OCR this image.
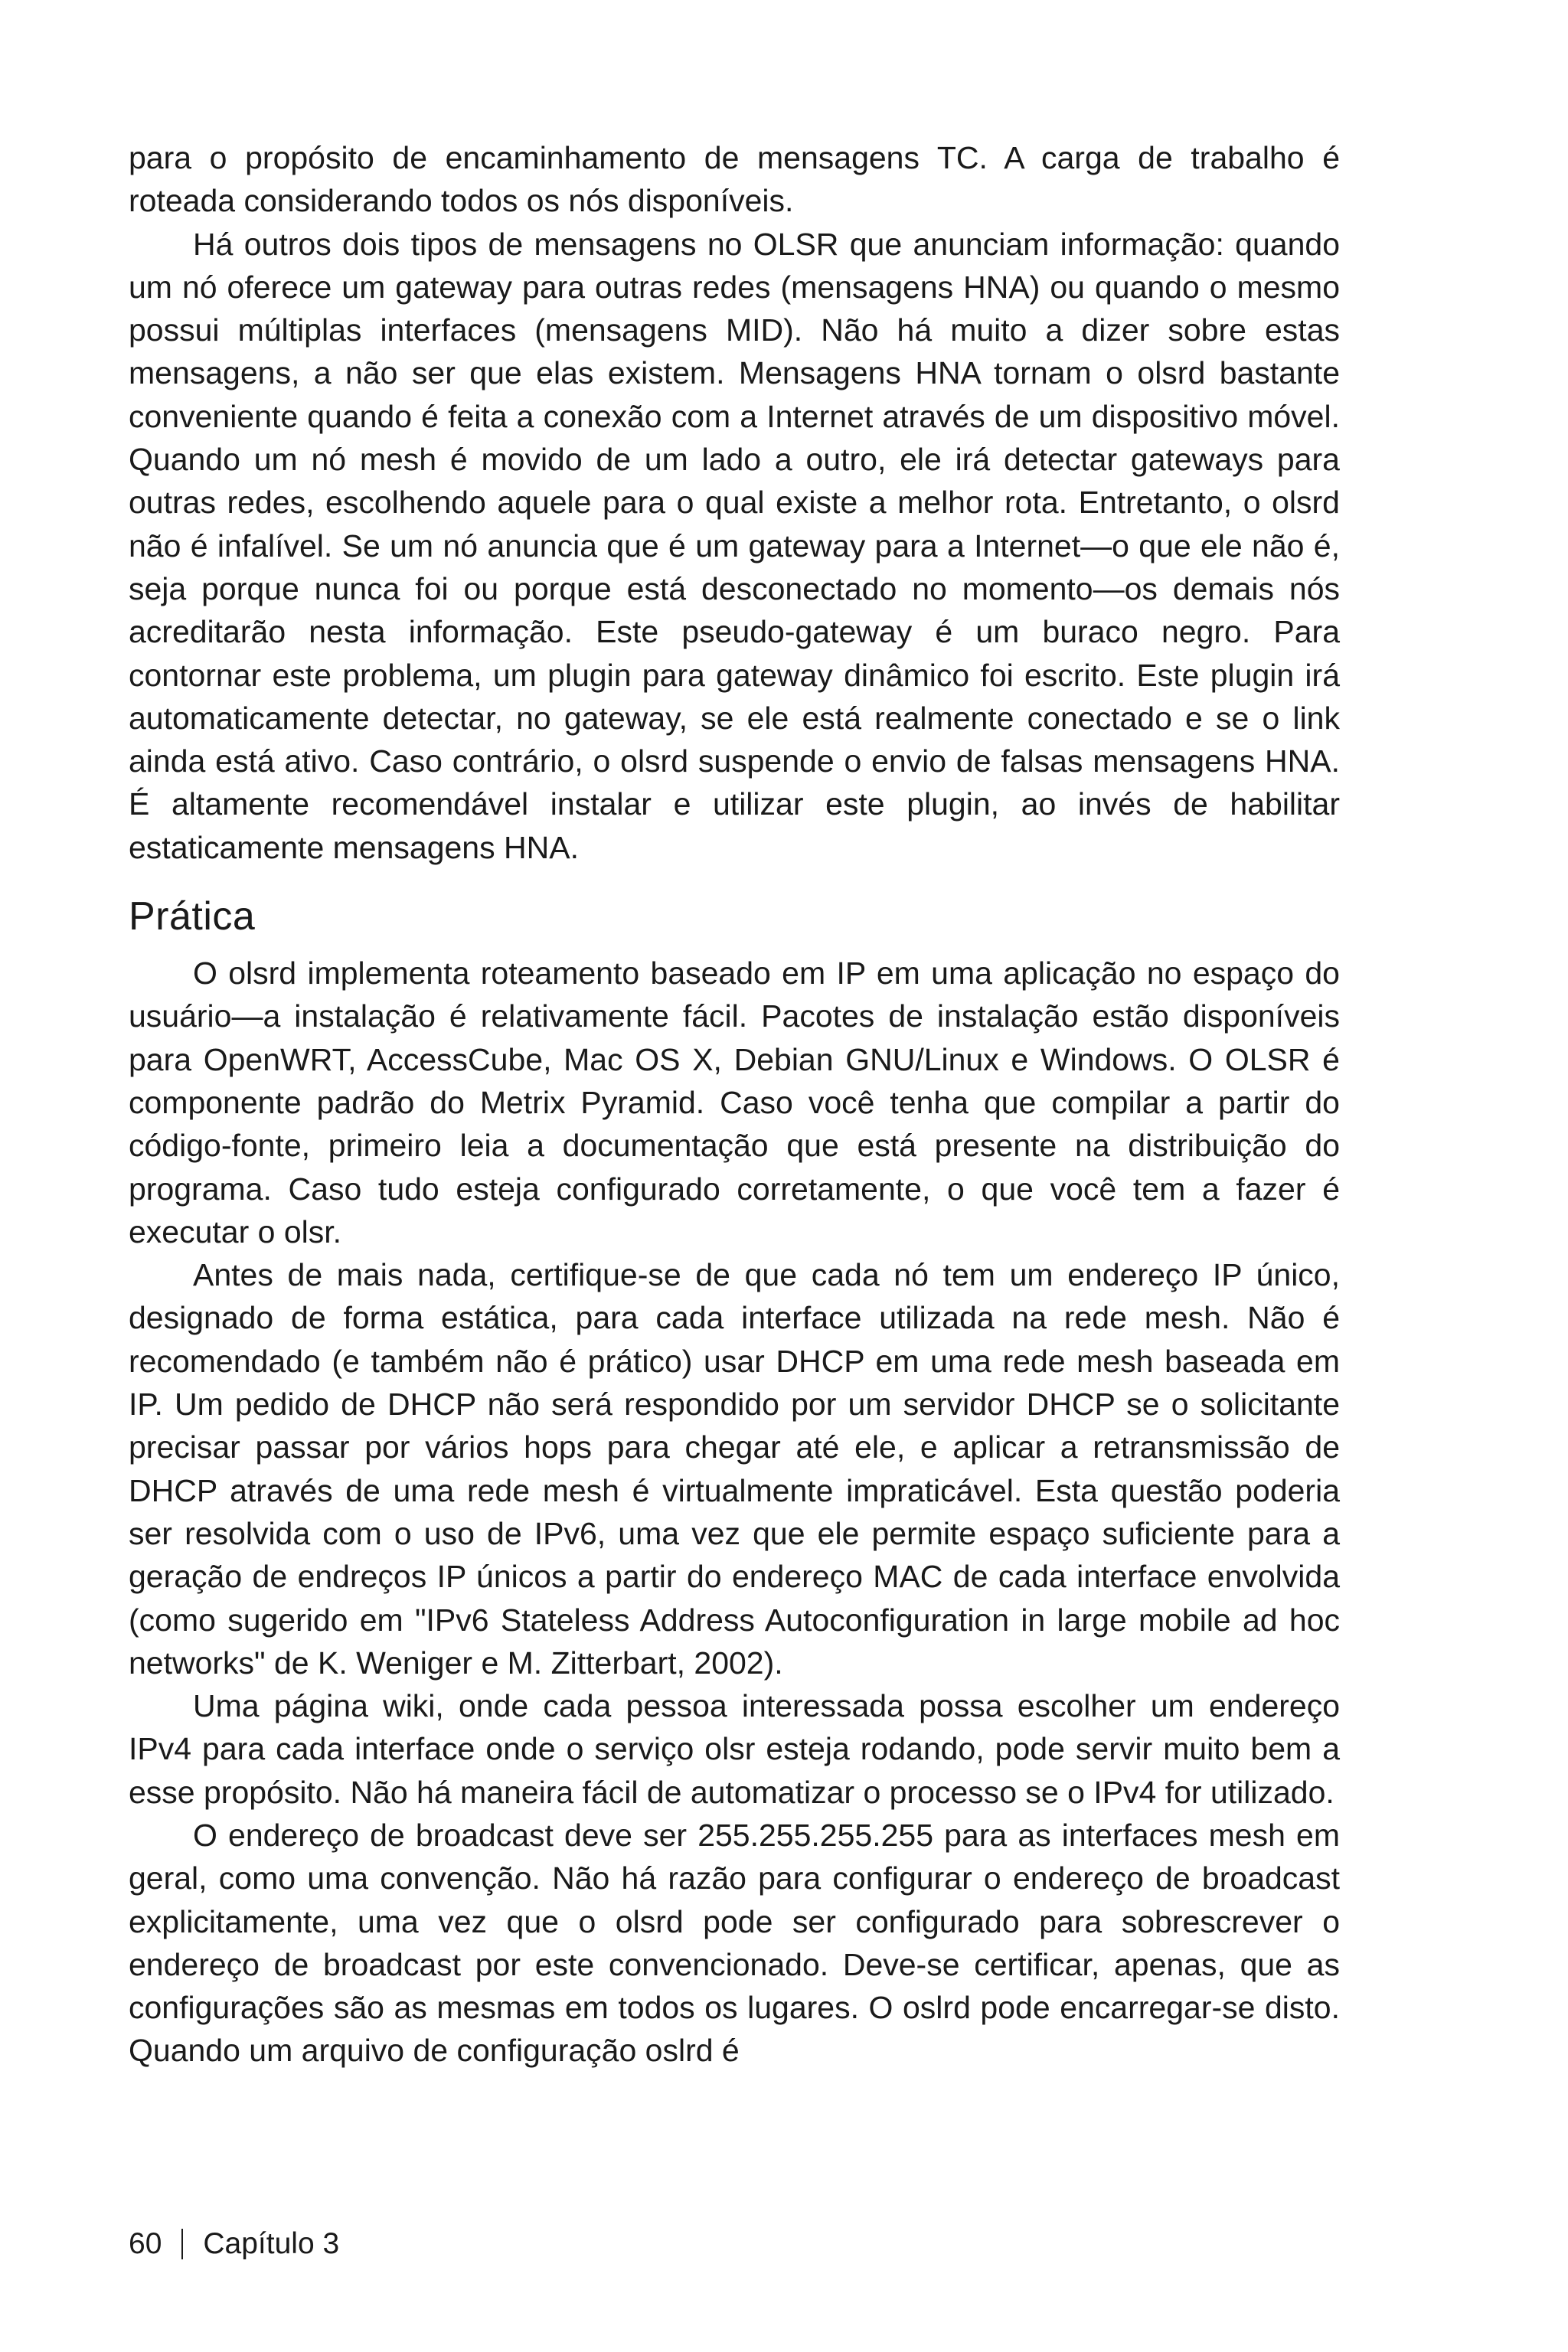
para o propósito de encaminhamento de mensagens TC. A carga de trabalho é roteada considerando todos os nós disponíveis.

Há outros dois tipos de mensagens no OLSR que anunciam informação: quando um nó oferece um gateway para outras redes (mensagens HNA) ou quando o mesmo possui múltiplas interfaces (mensagens MID). Não há muito a dizer sobre estas mensagens, a não ser que elas existem. Mensagens HNA tornam o olsrd bastante conveniente quando é feita a conexão com a Internet através de um dispositivo móvel. Quando um nó mesh é movido de um lado a outro, ele irá detectar gateways para outras redes, escolhendo aquele para o qual existe a melhor rota. Entretanto, o olsrd não é infalível. Se um nó anuncia que é um gateway para a Internet—o que ele não é, seja porque nunca foi ou porque está desconectado no momento—os demais nós acreditarão nesta informação. Este pseudo-gateway é um buraco negro. Para contornar este problema, um plugin para gateway dinâmico foi escrito. Este plugin irá automaticamente detectar, no gateway, se ele está realmente conectado e se o link ainda está ativo. Caso contrário, o olsrd suspende o envio de falsas mensagens HNA. É altamente recomendável instalar e utilizar este plugin, ao invés de habilitar estaticamente mensagens HNA.

Prática

O olsrd implementa roteamento baseado em IP em uma aplicação no espaço do usuário—a instalação é relativamente fácil. Pacotes de instalação estão disponíveis para OpenWRT, AccessCube, Mac OS X, Debian GNU/Linux e Windows. O OLSR é componente padrão do Metrix Pyramid. Caso você tenha que compilar a partir do código-fonte, primeiro leia a documentação que está presente na distribuição do programa. Caso tudo esteja configurado corretamente, o que você tem a fazer é executar o olsr.

Antes de mais nada, certifique-se de que cada nó tem um endereço IP único, designado de forma estática, para cada interface utilizada na rede mesh. Não é recomendado (e também não é prático) usar DHCP em uma rede mesh baseada em IP. Um pedido de DHCP não será respondido por um servidor DHCP se o solicitante precisar passar por vários hops para chegar até ele, e aplicar a retransmissão de DHCP através de uma rede mesh é virtualmente impraticável. Esta questão poderia ser resolvida com o uso de IPv6, uma vez que ele permite espaço suficiente para a geração de endreços IP únicos a partir do endereço MAC de cada interface envolvida (como sugerido em "IPv6 Stateless Address Autoconfiguration in large mobile ad hoc networks" de K. Weniger e M. Zitterbart, 2002).

Uma página wiki, onde cada pessoa interessada possa escolher um endereço IPv4 para cada interface onde o serviço olsr esteja rodando, pode servir muito bem a esse propósito. Não há maneira fácil de automatizar o processo se o IPv4 for utilizado.

O endereço de broadcast deve ser 255.255.255.255 para as interfaces mesh em geral, como uma convenção. Não há razão para configurar o endereço de broadcast explicitamente, uma vez que o olsrd pode ser configurado para sobrescrever o endereço de broadcast por este convencionado. Deve-se certificar, apenas, que as configurações são as mesmas em todos os lugares. O oslrd pode encarregar-se disto. Quando um arquivo de configuração oslrd é

60 Capítulo 3
